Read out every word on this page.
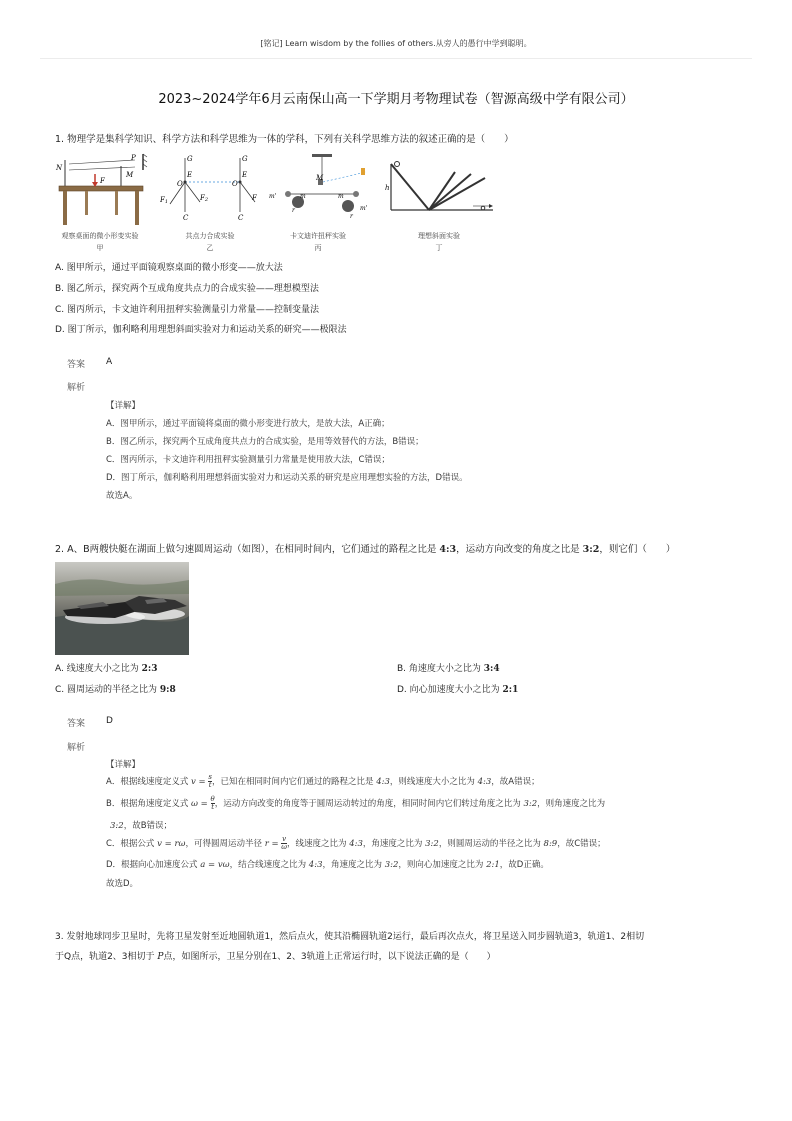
[铭记] Learn wisdom by the follies of others.从旁人的愚行中学到聪明。
2023~2024学年6月云南保山高一下学期月考物理试卷（智源高级中学有限公司）
1. 物理学是集科学知识、科学方法和科学思维为一体的学科，下列有关科学思维方法的叙述正确的是（　　）
N
P
M
F
观察桌面的微小形变实验
甲
G
E
O
F1	F2
C
G
E
O
F
C
共点力合成实验
乙
M
m'	m	m
m'
r
r
卡文迪许扭秤实验
丙
h
理想斜面实验
丁
A. 图甲所示，通过平面镜观察桌面的微小形变——放大法
B. 图乙所示，探究两个互成角度共点力的合成实验——理想模型法
C. 图丙所示，卡文迪许利用扭秤实验测量引力常量——控制变量法
D. 图丁所示，伽利略利用理想斜面实验对力和运动关系的研究——极限法
答案 A
解析
【详解】
A．图甲所示，通过平面镜将桌面的微小形变进行放大，是放大法，A正确；
B．图乙所示，探究两个互成角度共点力的合成实验，是用等效替代的方法，B错误；
C．图丙所示，卡文迪许利用扭秤实验测量引力常量是使用放大法，C错误；
D．图丁所示，伽利略利用理想斜面实验对力和运动关系的研究是应用理想实验的方法，D错误。
故选A。
2. A、B两艘快艇在湖面上做匀速圆周运动（如图），在相同时间内，它们通过的路程之比是 4:3，运动方向改变的角度之比是 3:2，则它们（　　）
A. 线速度大小之比为 2:3	B. 角速度大小之比为 3:4
C. 圆周运动的半径之比为 9:8	D. 向心加速度大小之比为 2:1
答案 D
解析
【详解】
A．根据线速度定义式 $v = \frac{s}{t}$ ，已知在相同时间内它们通过的路程之比是 4:3，则线速度大小之比为 4:3，故A错误；
B．根据角速度定义式 $\omega = \frac{\theta}{t}$ ，运动方向改变的角度等于圆周运动转过的角度，相同时间内它们转过角度之比为 3:2，则角速度之比为
3:2，故B错误；
C．根据公式 v = rω，可得圆周运动半径 $r = \frac{v}{\omega}$ ，线速度之比为 4:3，角速度之比为 3:2，则圆周运动的半径之比为 8:9，故C错误；
D．根据向心加速度公式 a = vω，结合线速度之比为 4:3，角速度之比为 3:2，则向心加速度之比为 2:1，故D正确。
故选D。
3. 发射地球同步卫星时，先将卫星发射至近地圆轨道1，然后点火，使其沿椭圆轨道2运行，最后再次点火，将卫星送入同步圆轨道3，轨道1、2相切
于Q点，轨道2、3相切于 P点，如图所示，卫星分别在1、2、3轨道上正常运行时，以下说法正确的是（　　）
